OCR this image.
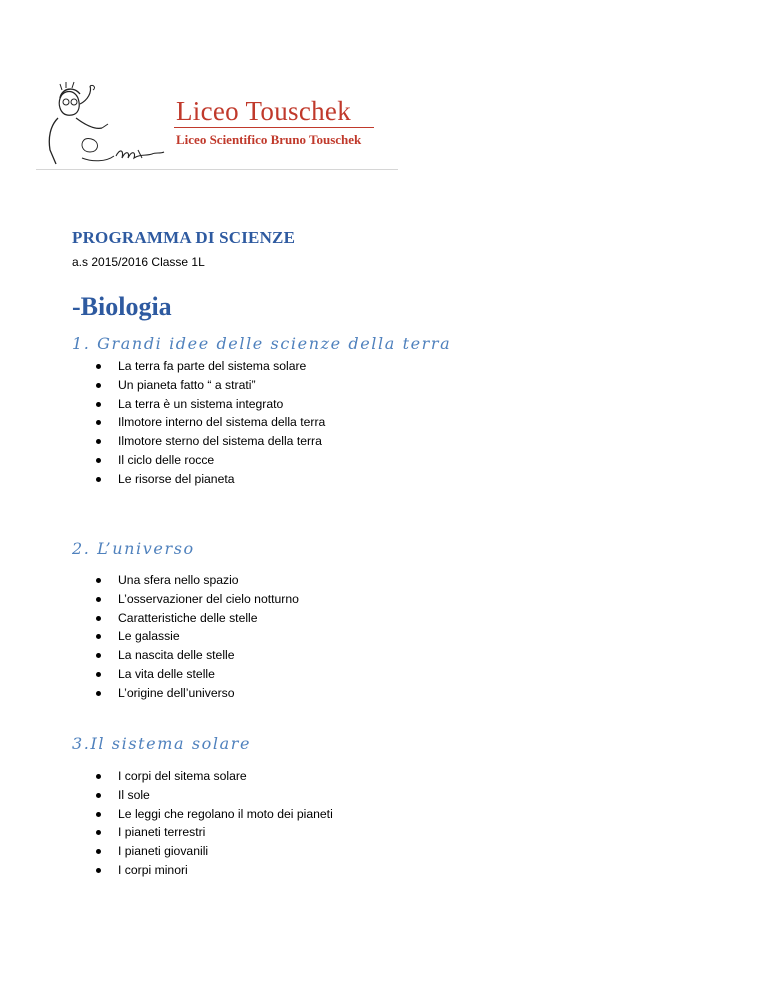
Liceo Touschek
Liceo Scientifico Bruno Touschek
PROGRAMMA DI SCIENZE
a.s 2015/2016 Classe 1L
-Biologia
1. Grandi idee delle scienze della terra
La terra fa parte del sistema solare
Un pianeta fatto “ a strati”
La terra è un sistema integrato
Ilmotore interno del sistema della terra
Ilmotore sterno del sistema della terra
Il ciclo delle rocce
Le risorse del pianeta
2. L’universo
Una sfera nello spazio
L’osservazioner del cielo notturno
Caratteristiche delle stelle
Le galassie
La nascita delle stelle
La vita delle stelle
L’origine dell’universo
3.Il sistema solare
I corpi del sitema solare
Il sole
Le leggi che regolano il moto dei pianeti
I pianeti terrestri
I pianeti giovanili
I corpi minori
